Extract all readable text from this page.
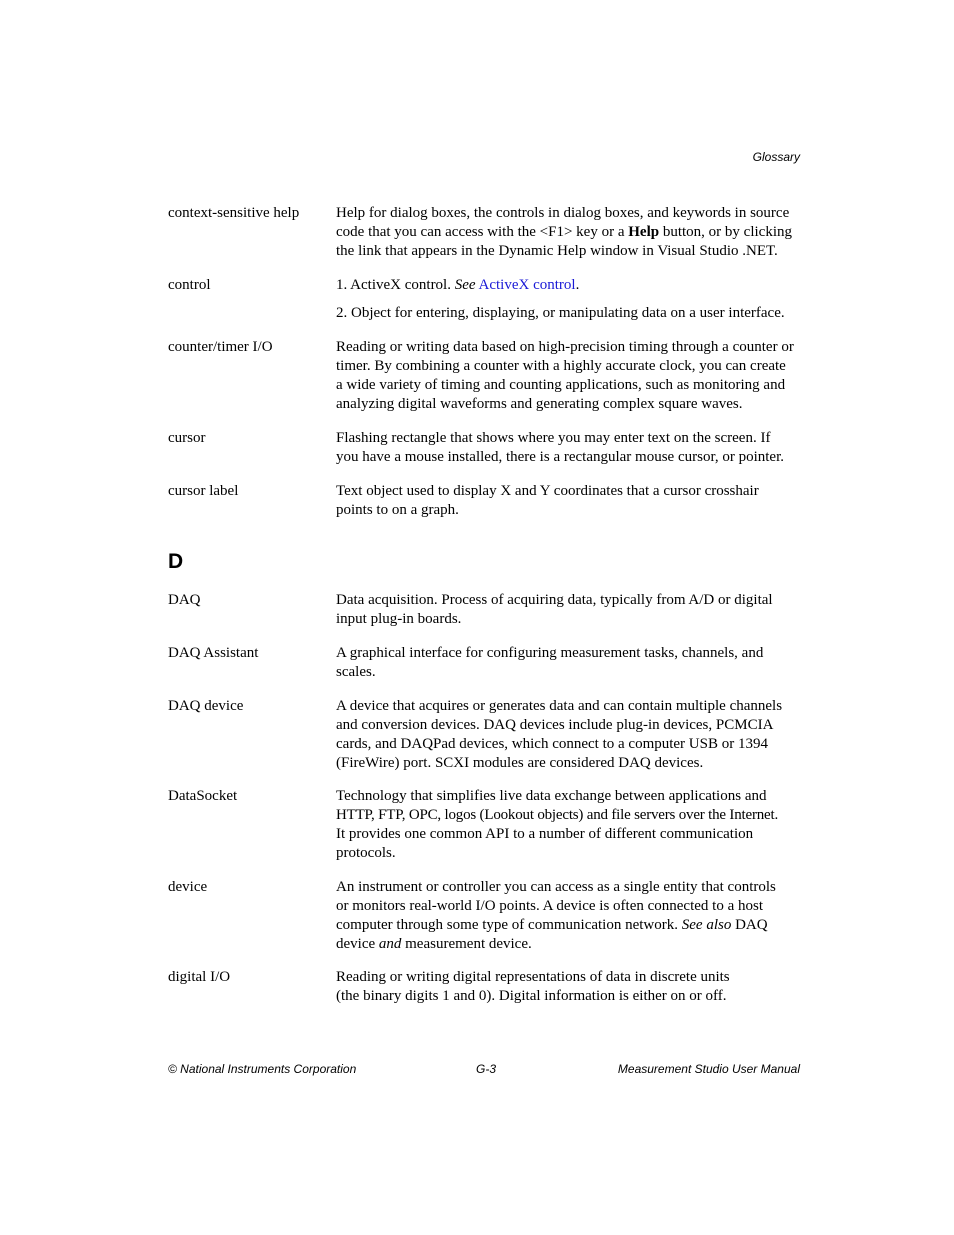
Glossary
context-sensitive help	Help for dialog boxes, the controls in dialog boxes, and keywords in source

code that you can access with the <F1> key or a Help button, or by clicking

the link that appears in the Dynamic Help window in Visual Studio .NET.

control	1. ActiveX control. See ActiveX control.

2. Object for entering, displaying, or manipulating data on a user interface.

counter/timer I/O	Reading or writing data based on high-precision timing through a counter or

timer. By combining a counter with a highly accurate clock, you can create

a wide variety of timing and counting applications, such as monitoring and

analyzing digital waveforms and generating complex square waves.

cursor	Flashing rectangle that shows where you may enter text on the screen. If

you have a mouse installed, there is a rectangular mouse cursor, or pointer.

cursor label	Text object used to display X and Y coordinates that a cursor crosshair

points to on a graph.

D
DAQ	Data acquisition. Process of acquiring data, typically from A/D or digital

input plug-in boards.

DAQ Assistant	A graphical interface for configuring measurement tasks, channels, and

scales.

DAQ device	A device that acquires or generates data and can contain multiple channels

and conversion devices. DAQ devices include plug-in devices, PCMCIA

cards, and DAQPad devices, which connect to a computer USB or 1394

(FireWire) port. SCXI modules are considered DAQ devices.

DataSocket	Technology that simplifies live data exchange between applications and

HTTP, FTP, OPC, logos (Lookout objects) and file servers over the Internet.

It provides one common API to a number of different communication

protocols.

device	An instrument or controller you can access as a single entity that controls

or monitors real-world I/O points. A device is often connected to a host

computer through some type of communication network. See also DAQ

device and measurement device.

digital I/O	Reading or writing digital representations of data in discrete units

(the binary digits 1 and 0). Digital information is either on or off.

© National Instruments Corporation	G-3	Measurement Studio User Manual
